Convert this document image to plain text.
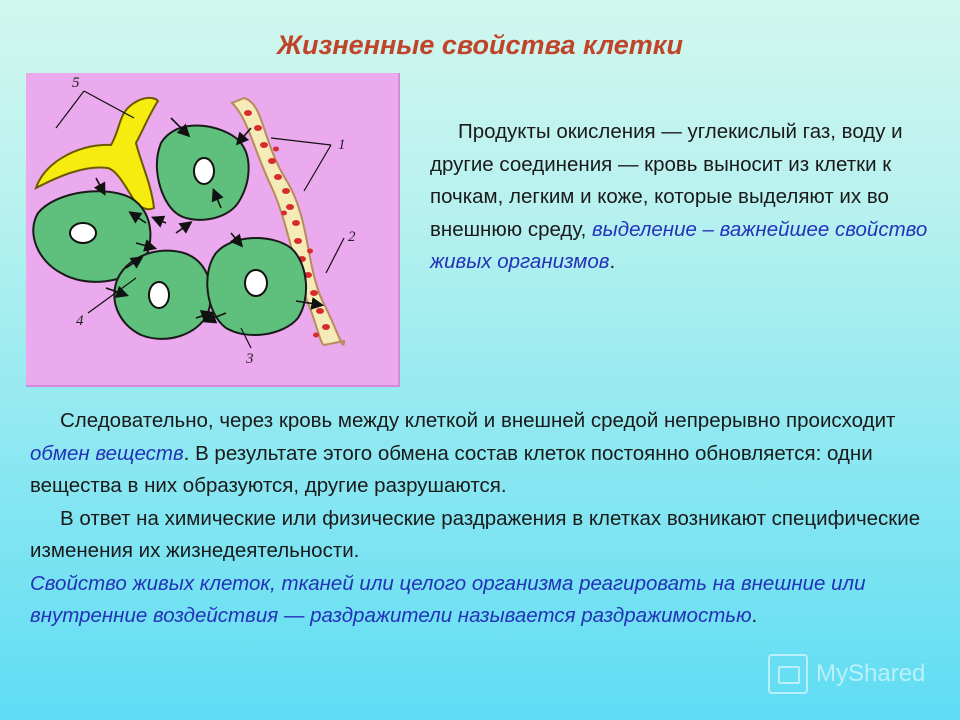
Жизненные свойства клетки
5
1
2
4
3
Продукты окисления — углекислый газ, воду и другие соединения — кровь выносит из клетки к почкам, легким и коже, которые выделяют их во внешнюю среду, выделение – важнейшее свойство живых организмов.

Следовательно, через кровь между клеткой и внешней средой непрерывно происходит обмен веществ. В результате этого обмена состав клеток постоянно обновляется: одни вещества в них образуются, другие разрушаются.

В ответ на химические или физические раздражения в клетках возникают специфические изменения их жизнедеятельности.

Свойство живых клеток, тканей или целого организма реагировать на внешние или внутренние воздействия — раздражители называется раздражимостью.

MyShared
